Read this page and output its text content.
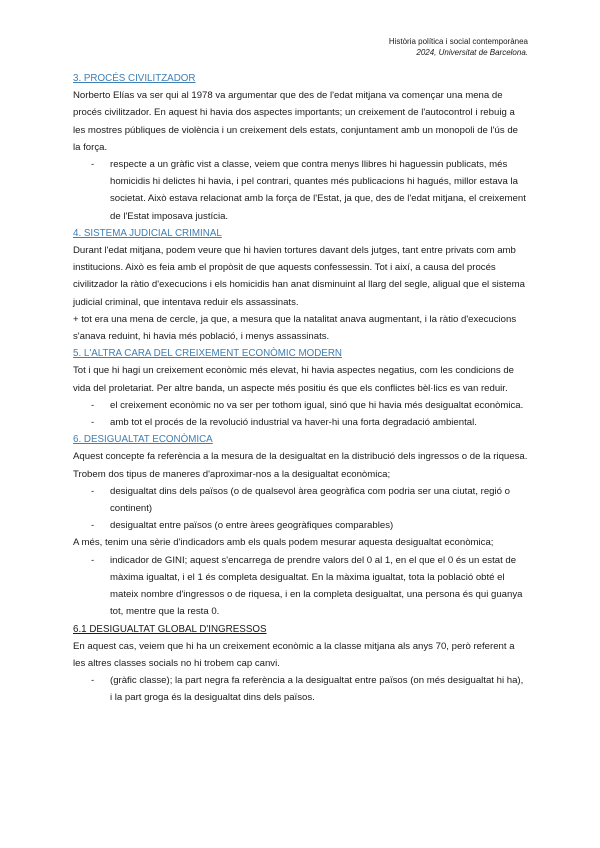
Història política i social contemporànea
2024, Universitat de Barcelona.
3. PROCÉS CIVILITZADOR

Norberto Elías va ser qui al 1978 va argumentar que des de l'edat mitjana va començar una mena de procés civilitzador. En aquest hi havia dos aspectes importants; un creixement de l'autocontrol i rebuig a les mostres públiques de violència i un creixement dels estats, conjuntament amb un monopoli de l'ús de la força.

- respecte a un gràfic vist a classe, veiem que contra menys llibres hi haguessin publicats, més homicidis hi delictes hi havia, i pel contrari, quantes més publicacions hi hagués, millor estava la societat. Això estava relacionat amb la força de l'Estat, ja que, des de l'edat mitjana, el creixement de l'Estat imposava justícia.
4. SISTEMA JUDICIAL CRIMINAL

Durant l'edat mitjana, podem veure que hi havien tortures davant dels jutges, tant entre privats com amb institucions. Això es feia amb el propòsit de que aquests confessessin. Tot i així, a causa del procés civilitzador la ràtio d'execucions i els homicidis han anat disminuint al llarg del segle, aligual que el sistema judicial criminal, que intentava reduir els assassinats.

+ tot era una mena de cercle, ja que, a mesura que la natalitat anava augmentant, i la ràtio d'execucions s'anava reduint, hi havia més població, i menys assassinats.

5. L'ALTRA CARA DEL CREIXEMENT ECONÒMIC MODERN

Tot i que hi hagi un creixement econòmic més elevat, hi havia aspectes negatius, com les condicions de vida del proletariat. Per altre banda, un aspecte més positiu és que els conflictes bèl·lics es van reduir.

- el creixement econòmic no va ser per tothom igual, sinó que hi havia més desigualtat econòmica.
- amb tot el procés de la revolució industrial va haver-hi una forta degradació ambiental.
6. DESIGUALTAT ECONÒMICA

Aquest concepte fa referència a la mesura de la desigualtat en la distribució dels ingressos o de la riquesa. Trobem dos tipus de maneres d'aproximar-nos a la desigualtat econòmica;

- desigualtat dins dels països (o de qualsevol àrea geogràfica com podria ser una ciutat, regió o continent)
- desigualtat entre països (o entre àrees geogràfiques comparables)

A més, tenim una sèrie d'indicadors amb els quals podem mesurar aquesta desigualtat econòmica;

- indicador de GINI; aquest s'encarrega de prendre valors del 0 al 1, en el que el 0 és un estat de màxima igualtat, i el 1 és completa desigualtat. En la màxima igualtat, tota la població obté el mateix nombre d'ingressos o de riquesa, i en la completa desigualtat, una persona és qui guanya tot, mentre que la resta 0.
6.1 DESIGUALTAT GLOBAL D'INGRESSOS

En aquest cas, veiem que hi ha un creixement econòmic a la classe mitjana als anys 70, però referent a les altres classes socials no hi trobem cap canvi.

- (gràfic classe); la part negra fa referència a la desigualtat entre països (on més desigualtat hi ha), i la part groga és la desigualtat dins dels països.
